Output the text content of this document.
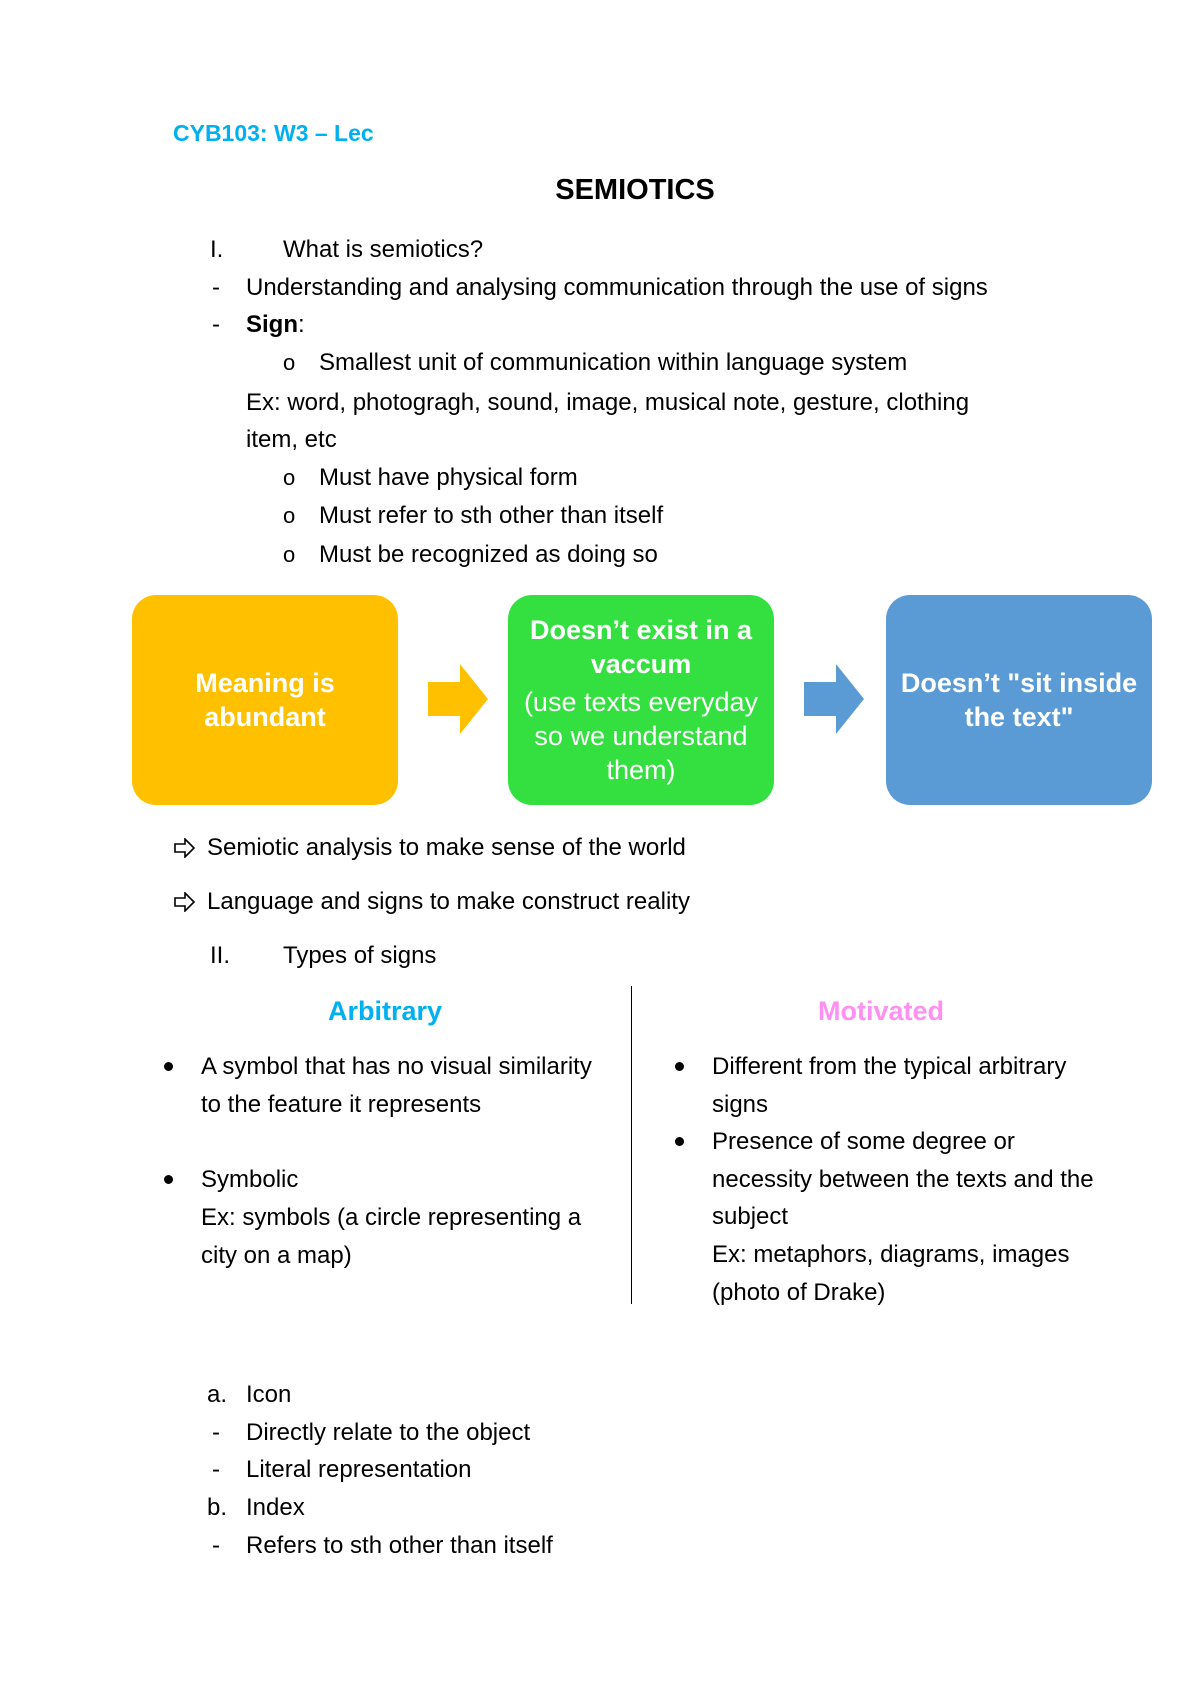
CYB103: W3 – Lec
SEMIOTICS
I. What is semiotics?
- Understanding and analysing communication through the use of signs
- Sign:
o Smallest unit of communication within language system
Ex: word, photogragh, sound, image, musical note, gesture, clothing
item, etc
o Must have physical form
o Must refer to sth other than itself
o Must be recognized as doing so
Meaning is abundant
Doesn’t exist in a vaccum
(use texts everyday so we understand them)
Doesn’t "sit inside the text"
Semiotic analysis to make sense of the world
Language and signs to make construct reality
II. Types of signs
Arbitrary	Motivated
A symbol that has no visual similarity to the feature it represents
Symbolic
Ex: symbols (a circle representing a city on a map)
Different from the typical arbitrary signs
Presence of some degree or necessity between the texts and the subject
Ex: metaphors, diagrams, images (photo of Drake)
a. Icon
- Directly relate to the object
- Literal representation
b. Index
- Refers to sth other than itself
